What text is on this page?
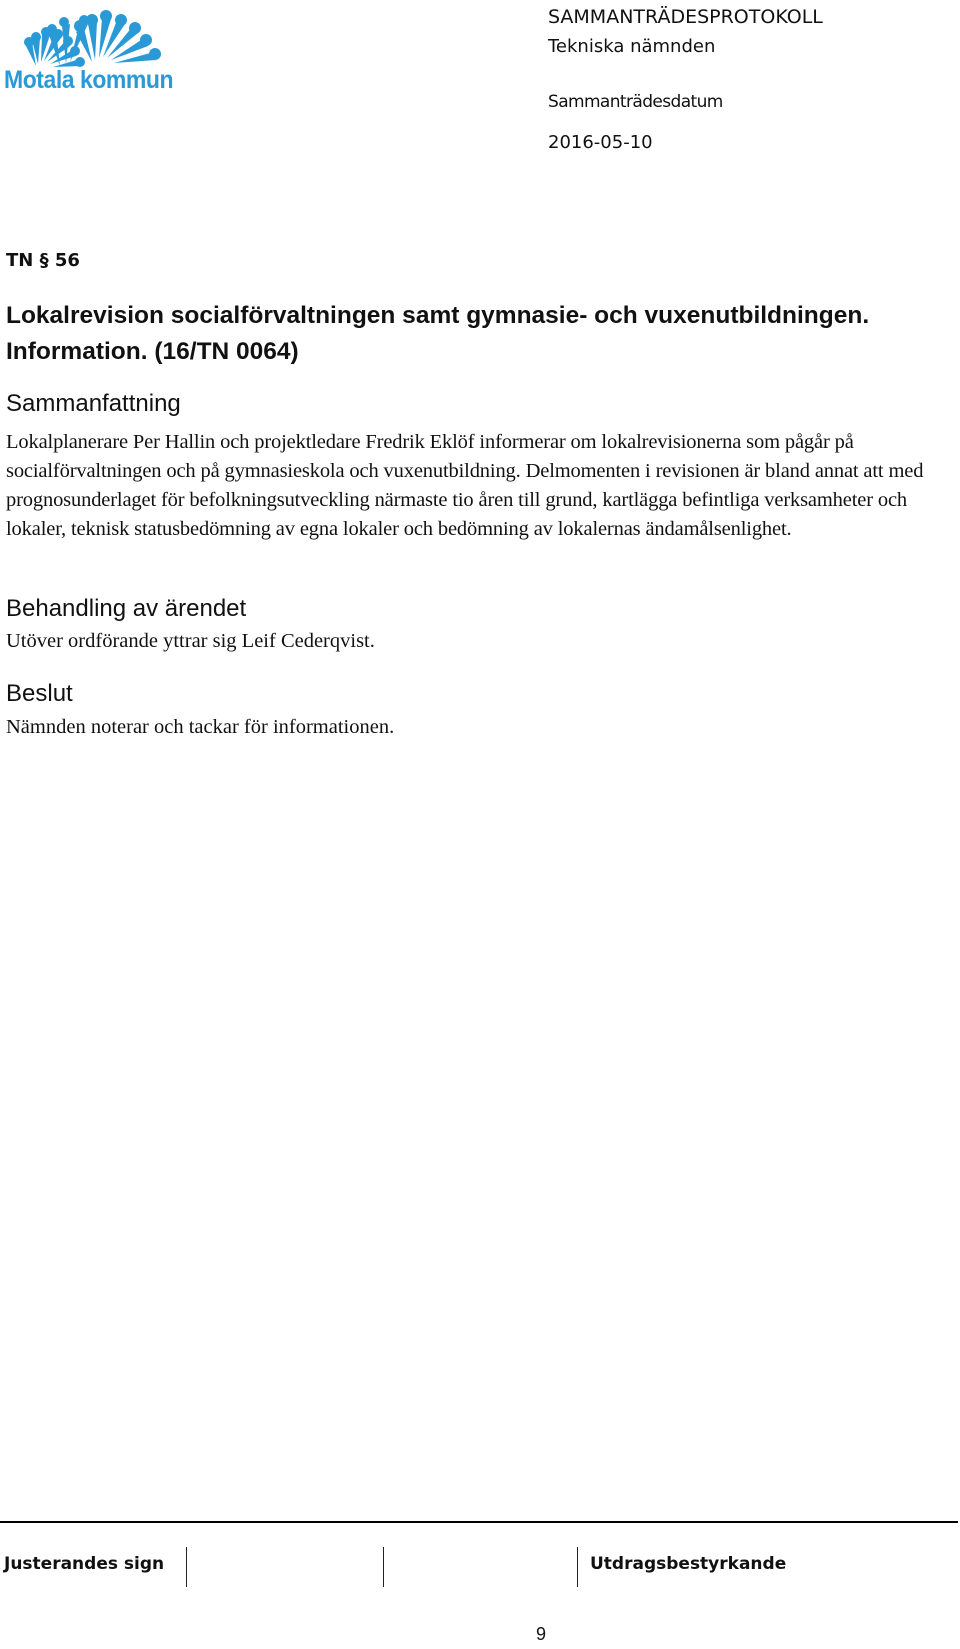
Motala kommun
SAMMANTRÄDESPROTOKOLL
Tekniska nämnden
Sammanträdesdatum
2016-05-10
TN § 56
Lokalrevision socialförvaltningen samt gymnasie- och vuxenutbildningen. Information. (16/TN 0064)
Sammanfattning
Lokalplanerare Per Hallin och projektledare Fredrik Eklöf informerar om lokalrevisionerna som pågår på socialförvaltningen och på gymnasieskola och vuxenutbildning. Delmomenten i revisionen är bland annat att med prognosunderlaget för befolkningsutveckling närmaste tio åren till grund, kartlägga befintliga verksamheter och lokaler, teknisk statusbedömning av egna lokaler och bedömning av lokalernas ändamålsenlighet.
Behandling av ärendet
Utöver ordförande yttrar sig Leif Cederqvist.
Beslut
Nämnden noterar och tackar för informationen.
Justerandes sign	Utdragsbestyrkande
9
